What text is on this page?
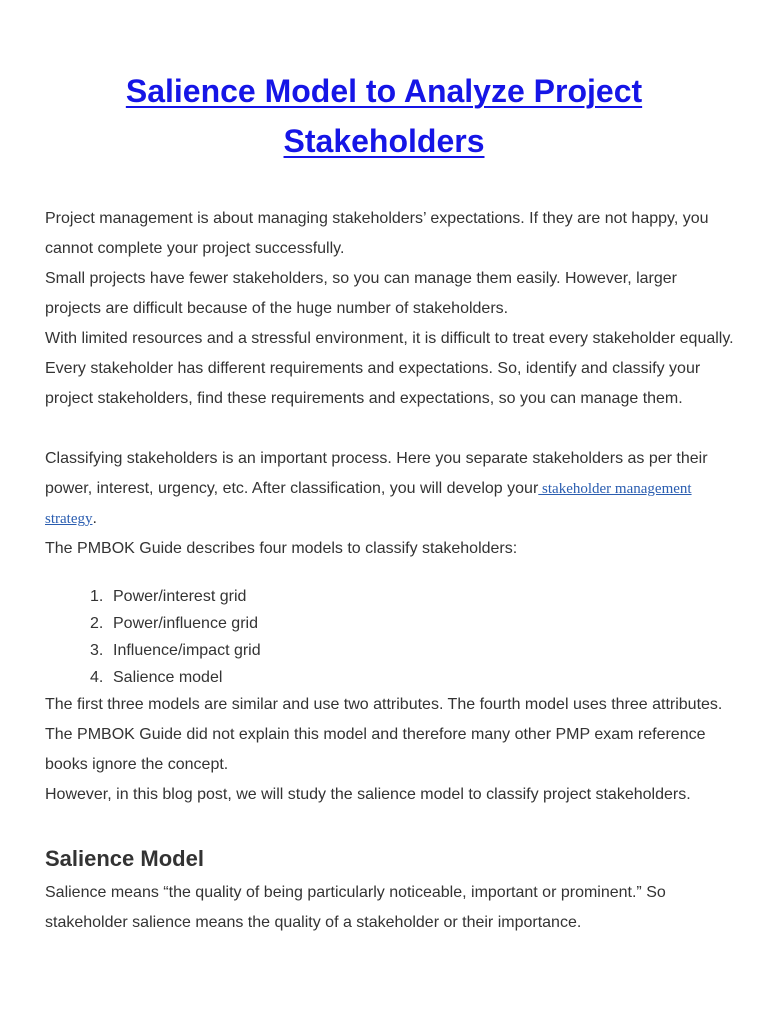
Salience Model to Analyze Project Stakeholders

Project management is about managing stakeholders’ expectations. If they are not happy, you cannot complete your project successfully.

Small projects have fewer stakeholders, so you can manage them easily. However, larger projects are difficult because of the huge number of stakeholders.

With limited resources and a stressful environment, it is difficult to treat every stakeholder equally. Every stakeholder has different requirements and expectations. So, identify and classify your project stakeholders, find these requirements and expectations, so you can manage them.

Classifying stakeholders is an important process. Here you separate stakeholders as per their power, interest, urgency, etc. After classification, you will develop your stakeholder management strategy.

The PMBOK Guide describes four models to classify stakeholders:

1. Power/interest grid
2. Power/influence grid
3. Influence/impact grid
4. Salience model

The first three models are similar and use two attributes. The fourth model uses three attributes. The PMBOK Guide did not explain this model and therefore many other PMP exam reference books ignore the concept.

However, in this blog post, we will study the salience model to classify project stakeholders.

Salience Model

Salience means “the quality of being particularly noticeable, important or prominent.” So stakeholder salience means the quality of a stakeholder or their importance.
